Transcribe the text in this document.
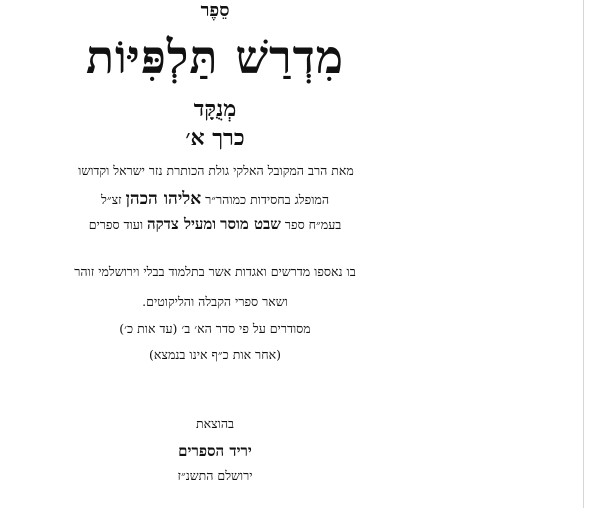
סֵפֶר
מִדְרַשׁ תַּלְפִּיּוֹת
מְנֻקָּד
כרך א׳
מאת הרב המקובל האלקי גולת הכותרת נזר ישראל וקדושו
המופלג בחסידות כמוהר״ר אליהו הכהן זצ״ל
בעמ״ח ספר שבט מוסר ומעיל צדקה ועוד ספרים
בו נאספו מדרשים ואגדות אשר בתלמוד בבלי וירושלמי זוהר
ושאר ספרי הקבלה והליקוטים.
מסודרים על פי סדר הא׳ ב׳ (עד אות כ׳)
(אחר אות כ״ף אינו בנמצא)
בהוצאת
יריד הספרים
ירושלם התשנ״ז
